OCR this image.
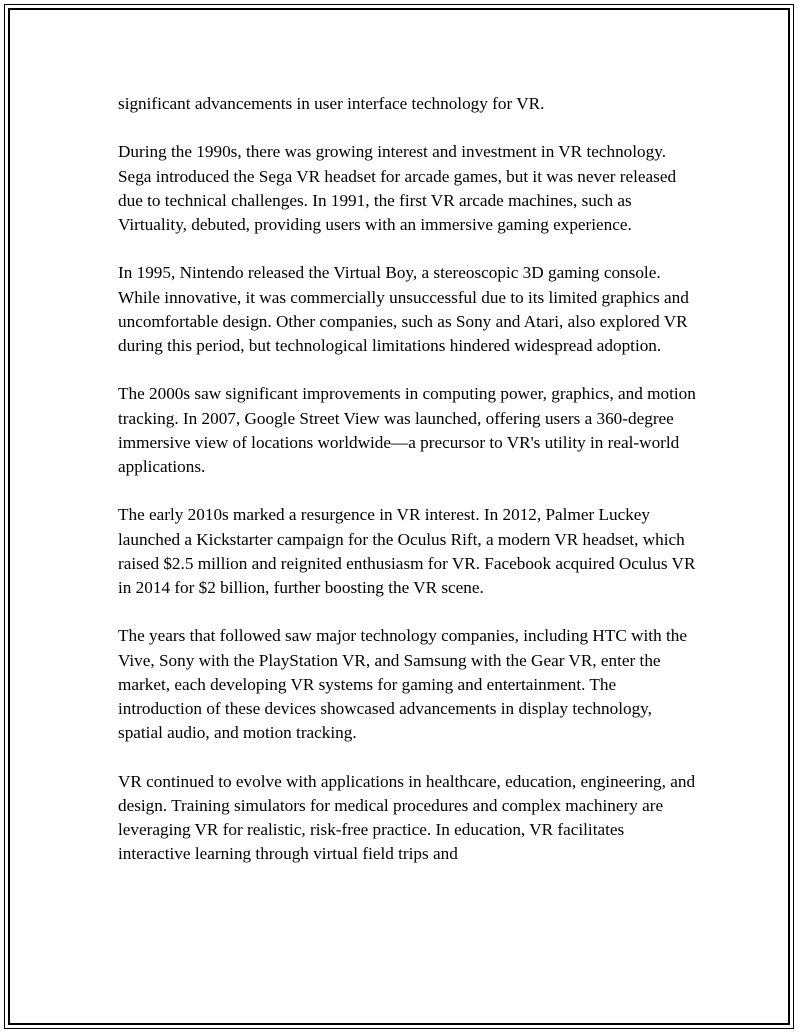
significant advancements in user interface technology for VR.

During the 1990s, there was growing interest and investment in VR technology. Sega introduced the Sega VR headset for arcade games, but it was never released due to technical challenges. In 1991, the first VR arcade machines, such as Virtuality, debuted, providing users with an immersive gaming experience.

In 1995, Nintendo released the Virtual Boy, a stereoscopic 3D gaming console. While innovative, it was commercially unsuccessful due to its limited graphics and uncomfortable design. Other companies, such as Sony and Atari, also explored VR during this period, but technological limitations hindered widespread adoption.

The 2000s saw significant improvements in computing power, graphics, and motion tracking. In 2007, Google Street View was launched, offering users a 360-degree immersive view of locations worldwide—a precursor to VR's utility in real-world applications.

The early 2010s marked a resurgence in VR interest. In 2012, Palmer Luckey launched a Kickstarter campaign for the Oculus Rift, a modern VR headset, which raised $2.5 million and reignited enthusiasm for VR. Facebook acquired Oculus VR in 2014 for $2 billion, further boosting the VR scene.

The years that followed saw major technology companies, including HTC with the Vive, Sony with the PlayStation VR, and Samsung with the Gear VR, enter the market, each developing VR systems for gaming and entertainment. The introduction of these devices showcased advancements in display technology, spatial audio, and motion tracking.

VR continued to evolve with applications in healthcare, education, engineering, and design. Training simulators for medical procedures and complex machinery are leveraging VR for realistic, risk-free practice. In education, VR facilitates interactive learning through virtual field trips and
